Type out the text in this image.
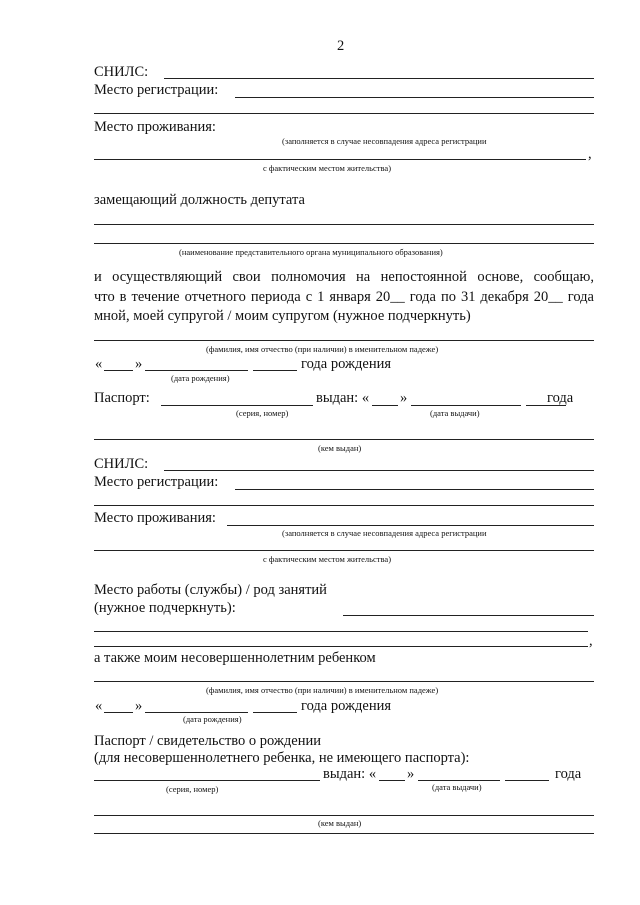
2
СНИЛС:
Место регистрации:
Место проживания:
(заполняется в случае несовпадения адреса регистрации
,
с фактическим местом жительства)
замещающий должность депутата
(наименование представительного органа муниципального образования)
и осуществляющий свои полномочия на непостоянной основе, сообщаю,
что в течение отчетного периода с 1 января 20__ года по 31 декабря 20__ года
мной, моей супругой / моим супругом (нужное подчеркнуть)
(фамилия, имя отчество (при наличии) в именительном падеже)
« »	года рождения
(дата рождения)
Паспорт:	выдан: « »	года
(серия, номер)	(дата выдачи)
(кем выдан)
СНИЛС:
Место регистрации:
Место проживания:
(заполняется в случае несовпадения адреса регистрации
с фактическим местом жительства)
Место работы (службы) / род занятий
(нужное подчеркнуть):
,
а также моим несовершеннолетним ребенком
(фамилия, имя отчество (при наличии) в именительном падеже)
« »	года рождения
(дата рождения)
Паспорт / свидетельство о рождении
(для несовершеннолетнего ребенка, не имеющего паспорта):
выдан: « »	года
(серия, номер)	(дата выдачи)
(кем выдан)
